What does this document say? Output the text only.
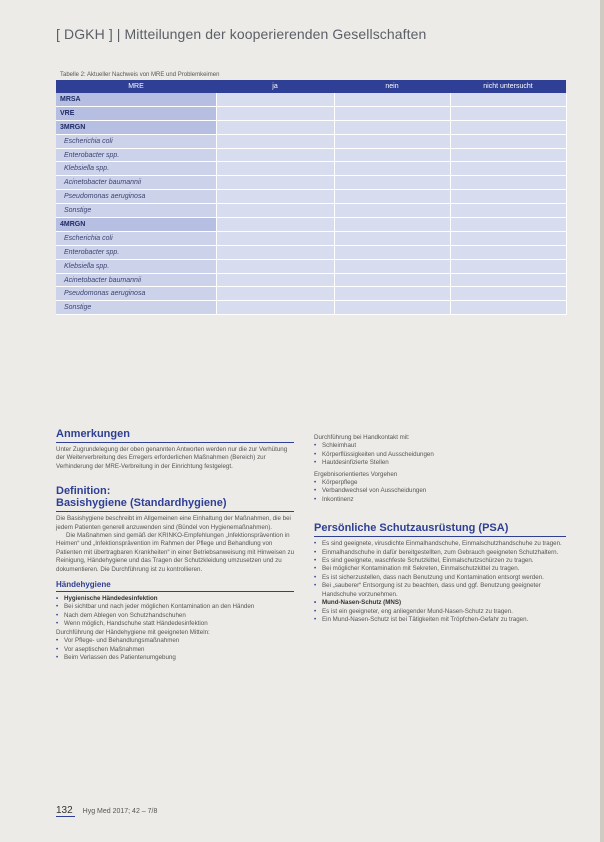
[ DGKH ] | Mitteilungen der kooperierenden Gesellschaften
Tabelle 2: Aktueller Nachweis von MRE und Problemkeimen
MRE	ja	nein	nicht untersucht
MRSA			
VRE			
3MRGN			
Escherichia coli			
Enterobacter spp.			
Klebsiella spp.			
Acinetobacter baumannii			
Pseudomonas aeruginosa			
Sonstige			
4MRGN			
Escherichia coli			
Enterobacter spp.			
Klebsiella spp.			
Acinetobacter baumannii			
Pseudomonas aeruginosa			
Sonstige			
Anmerkungen

Unter Zugrundelegung der oben genannten Antworten werden nur die zur Verhütung der Weiterverbreitung des Erregers erforderlichen Maßnahmen (Bereich) zur Verhinderung der MRE-Verbreitung in der Einrichtung festgelegt.

Definition:

Basishygiene (Standardhygiene)

Die Basishygiene beschreibt im Allgemeinen eine Einhaltung der Maßnahmen, die bei jedem Patienten generell anzuwenden sind (Bündel von Hygienemaßnahmen).

Die Maßnahmen sind gemäß der KRINKO-Empfehlungen „Infektionsprävention in Heimen“ und „Infektionsprävention im Rahmen der Pflege und Behandlung von Patienten mit übertragbaren Krankheiten“ in einer Betriebsanweisung mit Hinweisen zu Reinigung, Händehygiene und das Tragen der Schutzkleidung umzusetzen und zu dokumentieren. Die Durchführung ist zu kontrollieren.

Händehygiene
• Hygienische Händedesinfektion
• Bei sichtbar und nach jeder möglichen Kontamination an den Händen
• Nach dem Ablegen von Schutzhandschuhen
• Wenn möglich, Handschuhe statt Händedesinfektion

Durchführung der Händehygiene mit geeigneten Mitteln:

• Vor Pflege- und Behandlungsmaßnahmen
• Vor aseptischen Maßnahmen
• Beim Verlassen des Patientenumgebung

Durchführung bei Handkontakt mit:

• Schleimhaut
• Körperflüssigkeiten und Ausscheidungen
• Hautdesinfizierte Stellen

Ergebnisorientiertes Vorgehen

• Körperpflege
• Verbandwechsel von Ausscheidungen
• Inkontinenz
Persönliche Schutzausrüstung (PSA)
• Es sind geeignete, virusdichte Einmalhandschuhe, Einmalschutzhandschuhe zu tragen.
• Einmalhandschuhe in dafür bereitgestellten, zum Gebrauch geeigneten Schutzhaltern.
• Es sind geeignete, waschfeste Schutzkittel, Einmalschutzschürzen zu tragen.
• Bei möglicher Kontamination mit Sekreten, Einmalschutzkittel zu tragen.
• Es ist sicherzustellen, dass nach Benutzung und Kontamination entsorgt werden.
• Bei „sauberer“ Entsorgung ist zu beachten, dass und ggf. Benutzung geeigneter Handschuhe vorzunehmen.
• Mund-Nasen-Schutz (MNS)
• Es ist ein geeigneter, eng anliegender Mund-Nasen-Schutz zu tragen.
• Ein Mund-Nasen-Schutz ist bei Tätigkeiten mit Tröpfchen-Gefahr zu tragen.
132 Hyg Med 2017; 42 – 7/8
